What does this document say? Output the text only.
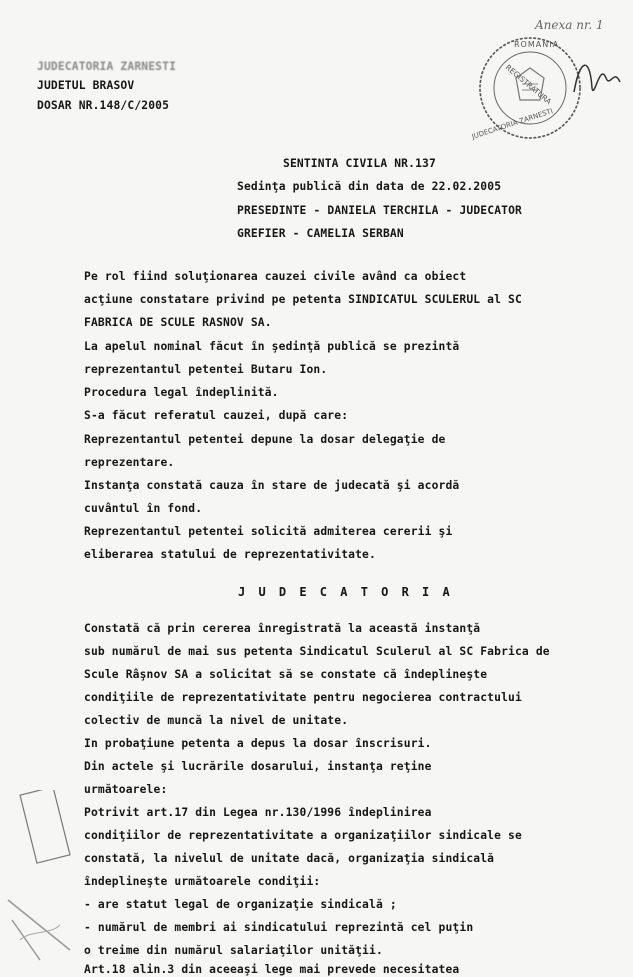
Anexa nr. 1
ROMANIA
JUDECATORIA ZARNESTI
REGISTRATURA
JUDECATORIA ZARNESTI
JUDETUL BRASOV
DOSAR NR.148/C/2005
SENTINTA CIVILA NR.137
Sedinţa publică din data de 22.02.2005
PRESEDINTE - DANIELA TERCHILA - JUDECATOR
GREFIER - CAMELIA SERBAN
Pe rol fiind soluţionarea cauzei civile având ca obiect
acţiune constatare privind pe petenta SINDICATUL SCULERUL al SC
FABRICA DE SCULE RASNOV SA.
La apelul nominal făcut în şedinţă publică se prezintă
reprezentantul petentei Butaru Ion.
Procedura legal îndeplinită.
S-a făcut referatul cauzei, după care:
Reprezentantul petentei depune la dosar delegaţie de
reprezentare.
Instanţa constată cauza în stare de judecată şi acordă
cuvântul în fond.
Reprezentantul petentei solicită admiterea cererii şi
eliberarea statului de reprezentativitate.
J U D E C A T O R I A
Constată că prin cererea înregistrată la această instanţă
sub numărul de mai sus petenta Sindicatul Sculerul al SC Fabrica de
Scule Râşnov SA a solicitat să se constate că îndeplineşte
condiţiile de reprezentativitate pentru negocierea contractului
colectiv de muncă la nivel de unitate.
In probaţiune petenta a depus la dosar înscrisuri.
Din actele şi lucrările dosarului, instanţa reţine
următoarele:
Potrivit art.17 din Legea nr.130/1996 îndeplinirea
condiţiilor de reprezentativitate a organizaţiilor sindicale se
constată, la nivelul de unitate dacă, organizaţia sindicală
îndeplineşte următoarele condiţii:
- are statut legal de organizaţie sindicală ;
- numărul de membri ai sindicatului reprezintă cel puţin
o treime din numărul salariaţilor unităţii.
Art.18 alin.3 din aceeaşi lege mai prevede necesitatea
